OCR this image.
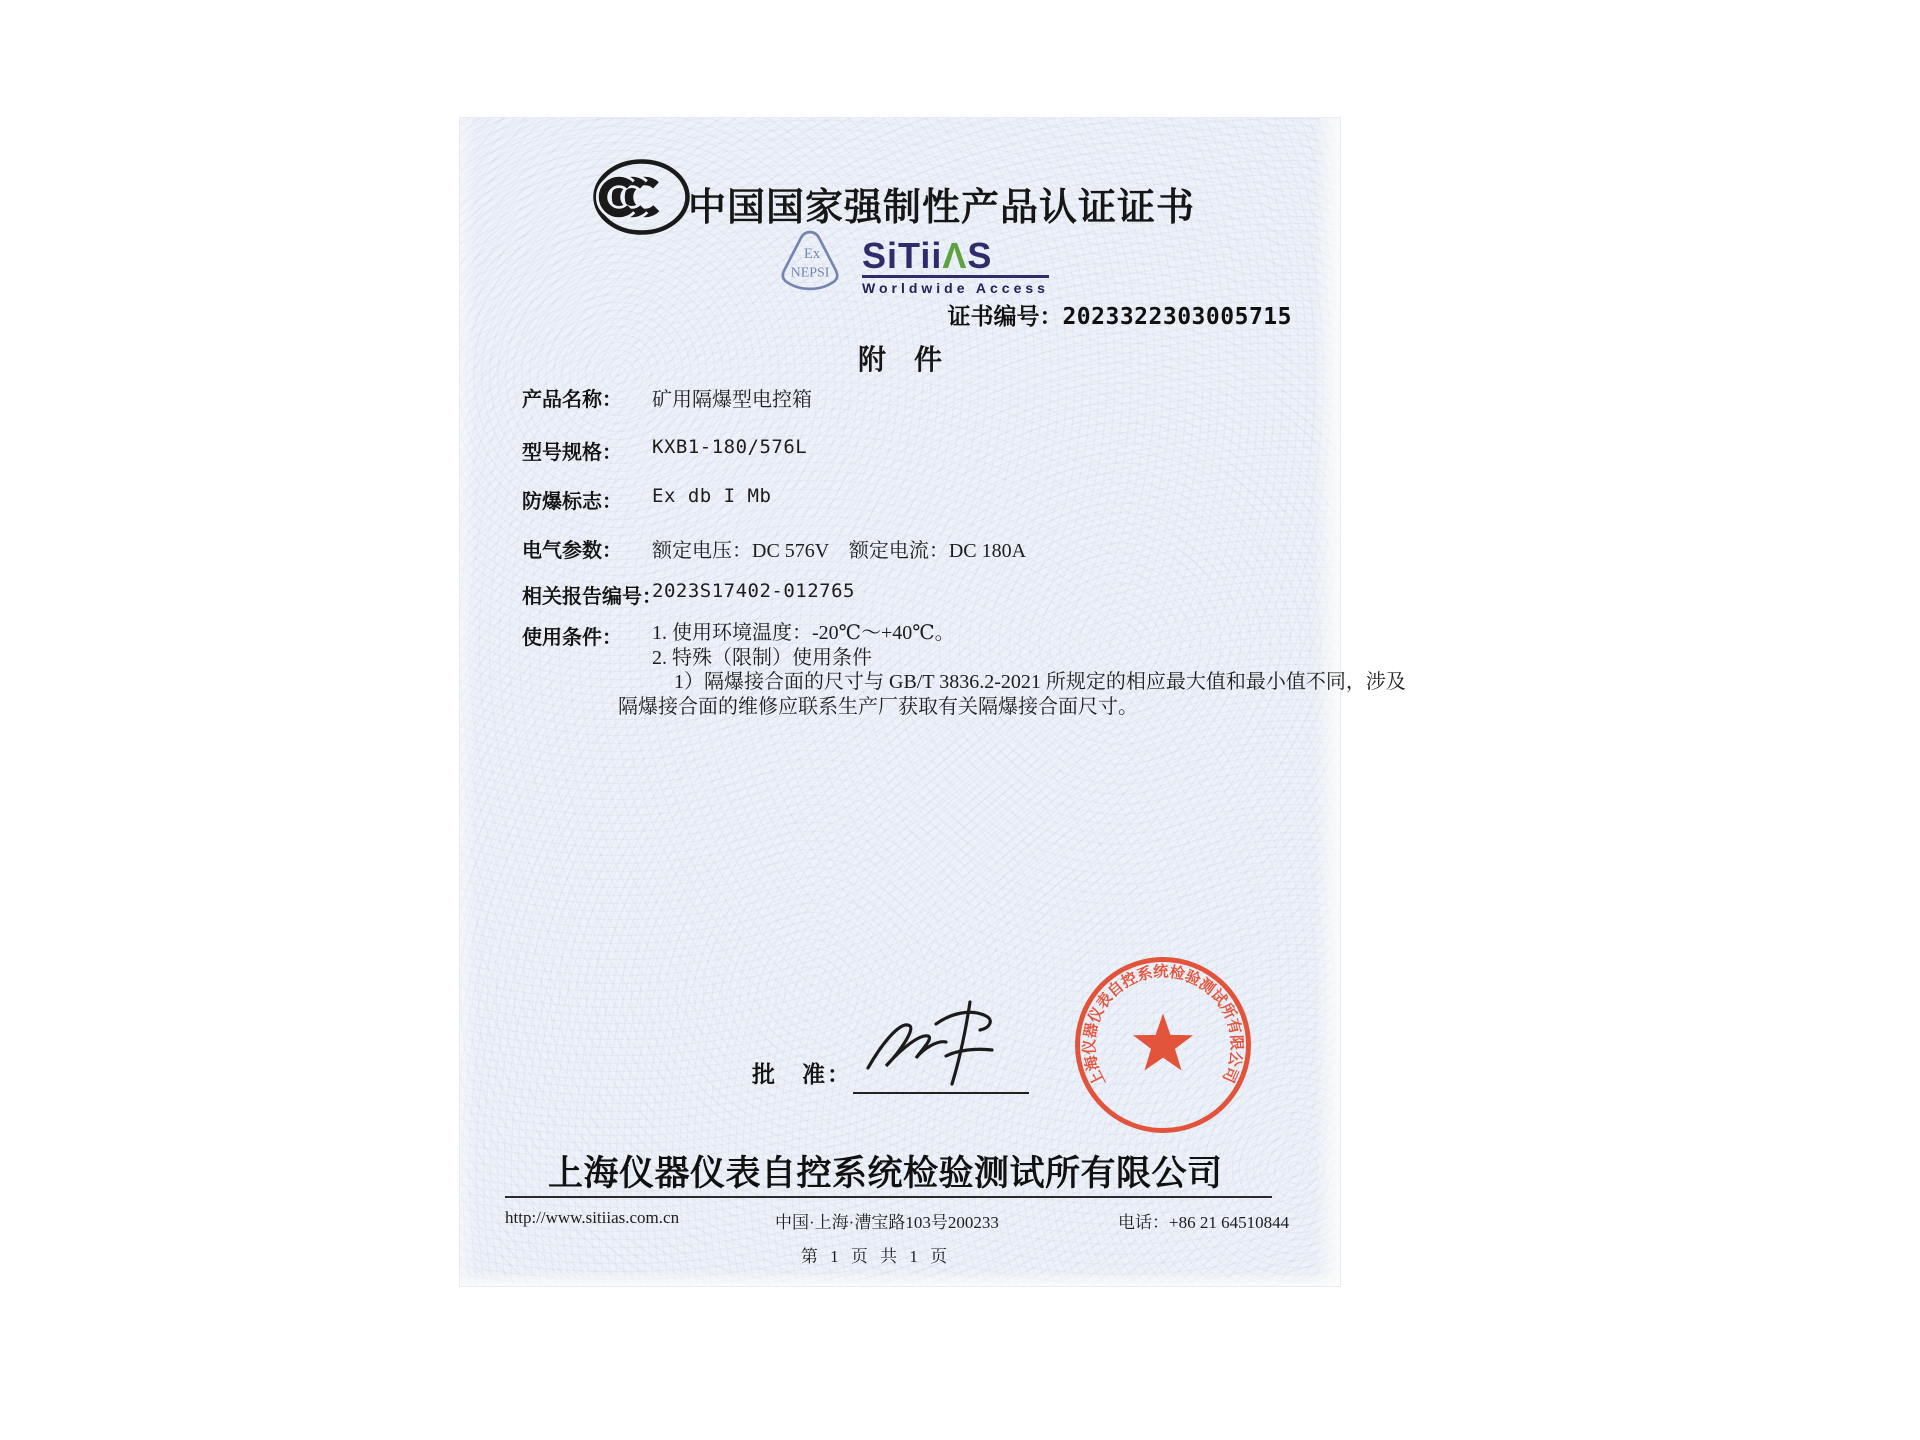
中国国家强制性产品认证证书
Ex
NEPSI SiTiiΛS
Worldwide Access
证书编号：2023322303005715
附　件
产品名称： 矿用隔爆型电控箱
型号规格： KXB1-180/576L
防爆标志： Ex db I Mb
电气参数： 额定电压：DC 576V　额定电流：DC 180A
相关报告编号：
2023S17402-012765
使用条件： 1. 使用环境温度：-20℃～+40℃。
2. 特殊（限制）使用条件
1）隔爆接合面的尺寸与 GB/T 3836.2-2021 所规定的相应最大值和最小值不同，涉及
隔爆接合面的维修应联系生产厂获取有关隔爆接合面尺寸。
批　准：	上海仪器仪表自控系统检验测试所有限公司
上海仪器仪表自控系统检验测试所有限公司
http://www.sitiias.com.cn	中国·上海·漕宝路103号200233	电话：+86 21 64510844
第 1 页 共 1 页
